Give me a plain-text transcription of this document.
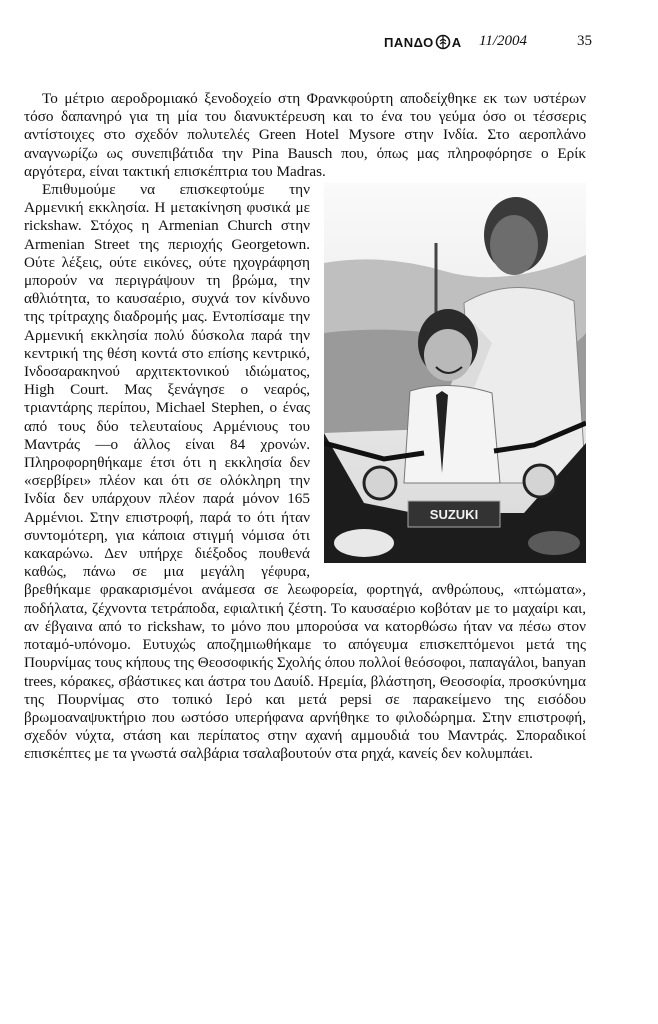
ΠΑΝΔΟ Α 11/2004	35

Το μέτριο αεροδρομιακό ξενοδοχείο στη Φρανκφούρτη αποδείχθηκε εκ των υστέρων τόσο δαπανηρό για τη μία του διανυκτέρευση και το ένα του γεύμα όσο οι τέσσερις αντίστοιχες στο σχεδόν πολυτελές Green Hotel Mysore στην Ινδία. Στο αεροπλάνο αναγνωρίζω ως συνεπιβάτιδα την Pina Bausch που, όπως μας πληροφόρησε ο Ερίκ αργότερα, είναι τακτική επισκέπτρια του Madras.

SUZUKI

Επιθυμούμε να επισκεφτούμε την Αρμενική εκκλησία. Η μετακίνηση φυσικά με rickshaw. Στόχος η Armenian Church στην Armenian Street της περιοχής Georgetown. Ούτε λέξεις, ούτε εικόνες, ούτε ηχογράφηση μπορούν να περιγράψουν τη βρώμα, την αθλιότητα, το καυσαέριο, συχνά τον κίνδυνο της τρίτραχης διαδρομής μας. Εντοπίσαμε την Αρμενική εκκλησία πολύ δύσκολα παρά την κεντρική της θέση κοντά στο επίσης κεντρικό, Ινδοσαρακηνού αρχιτεκτονικού ιδιώματος, High Court. Μας ξενάγησε ο νεαρός, τριαντάρης περίπου, Michael Stephen, ο ένας από τους δύο τελευταίους Αρμένιους του Μαντράς —ο άλλος είναι 84 χρονών. Πληροφορηθήκαμε έτσι ότι η εκκλησία δεν «σερβίρει» πλέον και ότι σε ολόκληρη την Ινδία δεν υπάρχουν πλέον παρά μόνον 165 Αρμένιοι. Στην επιστροφή, παρά το ότι ήταν συντομότερη, για κάποια στιγμή νόμισα ότι κακαρώνω. Δεν υπήρχε διέξοδος πουθενά καθώς, πάνω σε μια μεγάλη γέφυρα, βρεθήκαμε φρακαρισμένοι ανάμεσα σε λεωφορεία, φορτηγά, ανθρώπους, «πτώματα», ποδήλατα, ζέχνοντα τετράποδα, εφιαλτική ζέστη. Το καυσαέριο κοβόταν με το μαχαίρι και, αν έβγαινα από το rickshaw, το μόνο που μπορούσα να κατορθώσω ήταν να πέσω στον ποταμό-υπόνομο. Ευτυχώς αποζημιωθήκαμε το απόγευμα επισκεπτόμενοι μετά της Πουρνίμας τους κήπους της Θεοσοφικής Σχολής όπου πολλοί θεόσοφοι, παπαγάλοι, banyan trees, κόρακες, σβάστικες και άστρα του Δαυίδ. Ηρεμία, βλάστηση, Θεοσοφία, προσκύνημα της Πουρνίμας στο τοπικό Ιερό και μετά pepsi σε παρακείμενο της εισόδου βρωμοαναψυκτήριο που ωστόσο υπερήφανα αρνήθηκε το φιλοδώρημα. Στην επιστροφή, σχεδόν νύχτα, στάση και περίπατος στην αχανή αμμουδιά του Μαντράς. Σποραδικοί επισκέπτες με τα γνωστά σαλβάρια τσαλαβουτούν στα ρηχά, κανείς δεν κολυμπάει.
